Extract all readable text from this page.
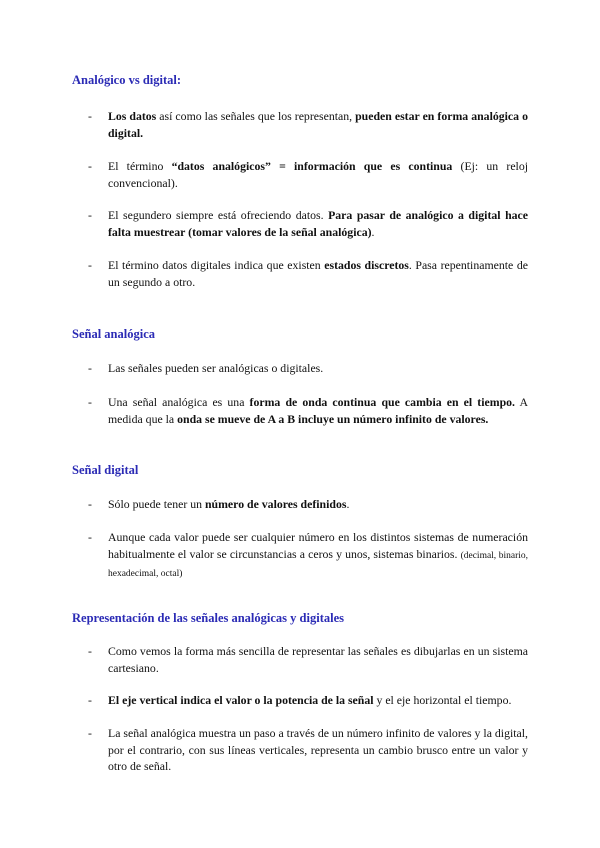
Analógico vs digital:
-	Los datos así como las señales que los representan, pueden estar en forma analógica o digital.
-	El término “datos analógicos” = información que es continua (Ej: un reloj convencional).
-	El segundero siempre está ofreciendo datos. Para pasar de analógico a digital hace falta muestrear (tomar valores de la señal analógica).
-	El término datos digitales indica que existen estados discretos. Pasa repentinamente de un segundo a otro.
Señal analógica
-	Las señales pueden ser analógicas o digitales.
-	Una señal analógica es una forma de onda continua que cambia en el tiempo. A medida que la onda se mueve de A a B incluye un número infinito de valores.
Señal digital
-	Sólo puede tener un número de valores definidos.
-	Aunque cada valor puede ser cualquier número en los distintos sistemas de numeración habitualmente el valor se circunstancias a ceros y unos, sistemas binarios. (decimal, binario, hexadecimal, octal)
Representación de las señales analógicas y digitales
-	Como vemos la forma más sencilla de representar las señales es dibujarlas en un sistema cartesiano.
-	El eje vertical indica el valor o la potencia de la señal y el eje horizontal el tiempo.
-	La señal analógica muestra un paso a través de un número infinito de valores y la digital, por el contrario, con sus líneas verticales, representa un cambio brusco entre un valor y otro de señal.
